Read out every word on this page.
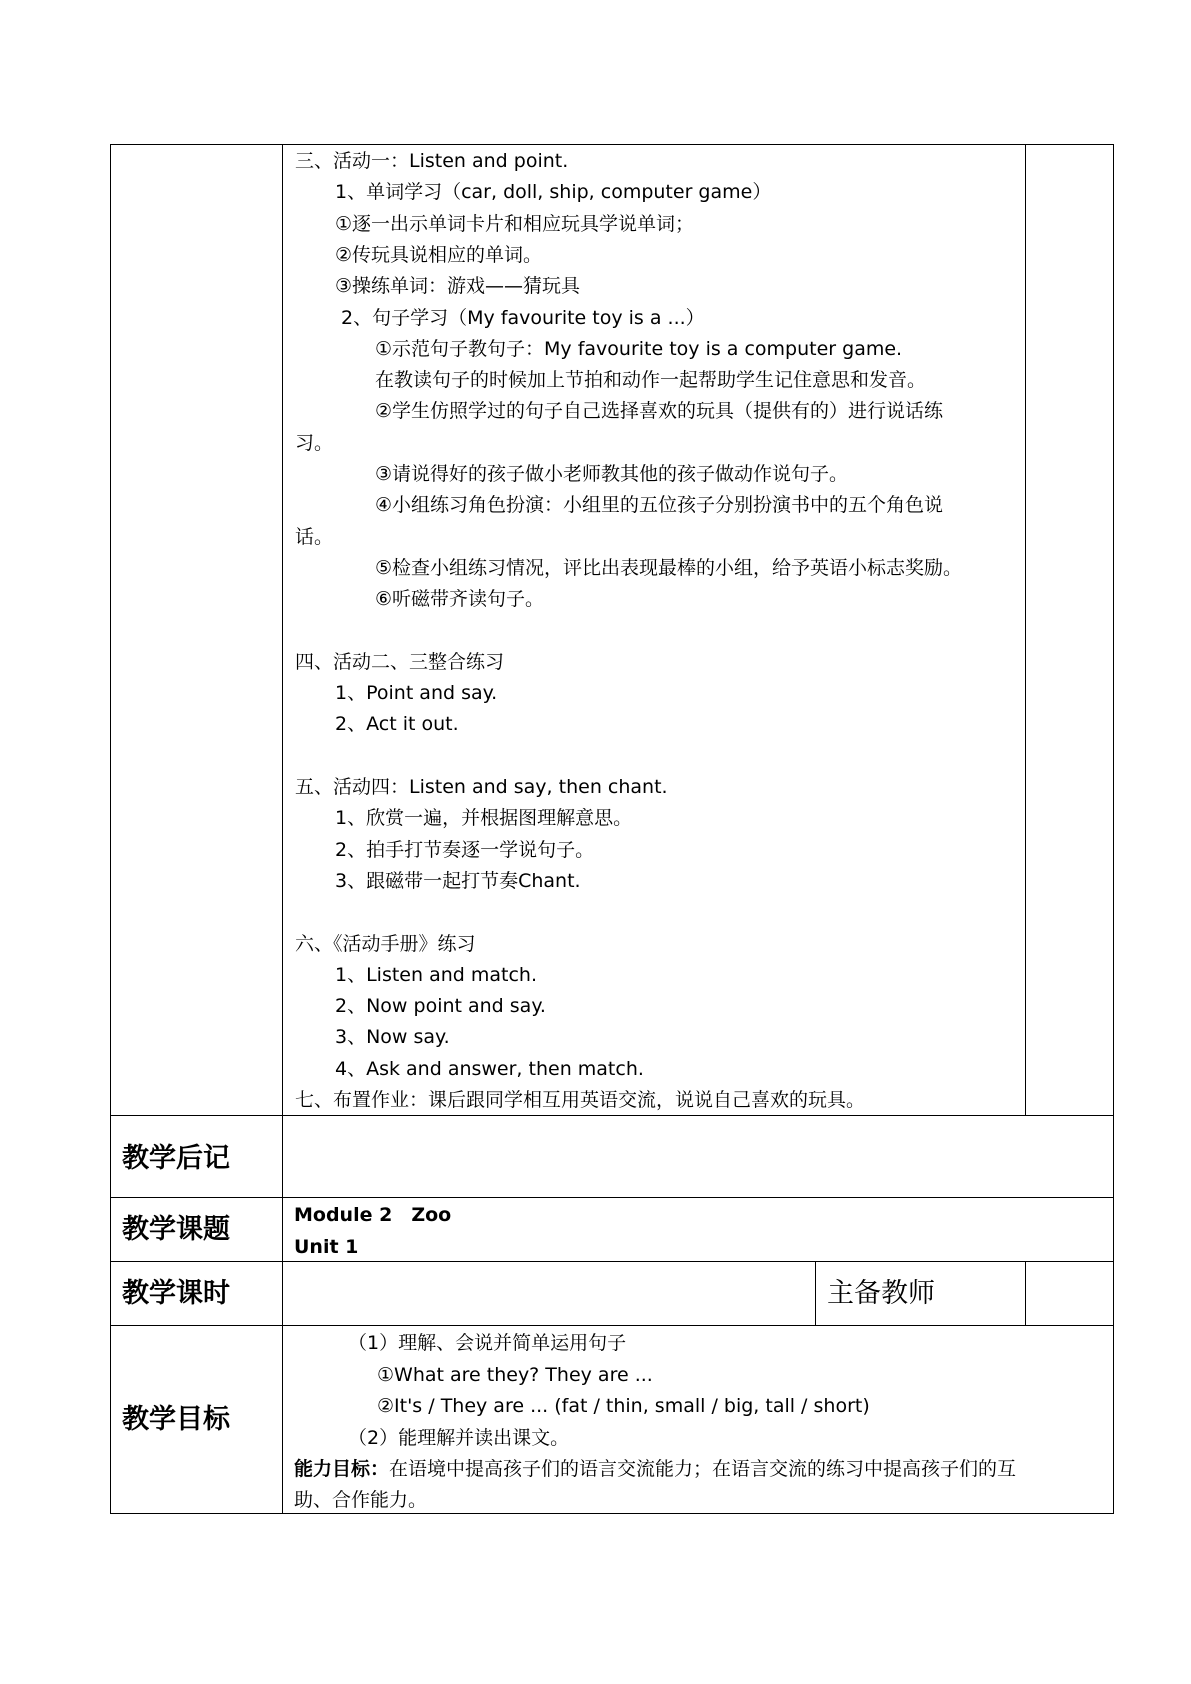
三、活动一：Listen and point.
1、单词学习（car, doll, ship, computer game）
①逐一出示单词卡片和相应玩具学说单词；
②传玩具说相应的单词。
③操练单词：游戏——猜玩具
2、句子学习（My favourite toy is a ...）
①示范句子教句子：My favourite toy is a computer game.
在教读句子的时候加上节拍和动作一起帮助学生记住意思和发音。
②学生仿照学过的句子自己选择喜欢的玩具（提供有的）进行说话练
习。
③请说得好的孩子做小老师教其他的孩子做动作说句子。
④小组练习角色扮演：小组里的五位孩子分别扮演书中的五个角色说
话。
⑤检查小组练习情况，评比出表现最棒的小组，给予英语小标志奖励。
⑥听磁带齐读句子。
四、活动二、三整合练习
1、Point and say.
2、Act it out.
五、活动四：Listen and say, then chant.
1、欣赏一遍，并根据图理解意思。
2、拍手打节奏逐一学说句子。
3、跟磁带一起打节奏Chant.
六、《活动手册》练习
1、Listen and match.
2、Now point and say.
3、Now say.
4、Ask and answer, then match.
七、布置作业：课后跟同学相互用英语交流，说说自己喜欢的玩具。
教学后记
教学课题	Module 2　Zoo
Unit 1
教学课时	主备教师
教学目标
（1）理解、会说并简单运用句子
①What are they? They are ...
②It's / They are ... (fat / thin, small / big, tall / short)
（2）能理解并读出课文。
能力目标：在语境中提高孩子们的语言交流能力；在语言交流的练习中提高孩子们的互
助、合作能力。
